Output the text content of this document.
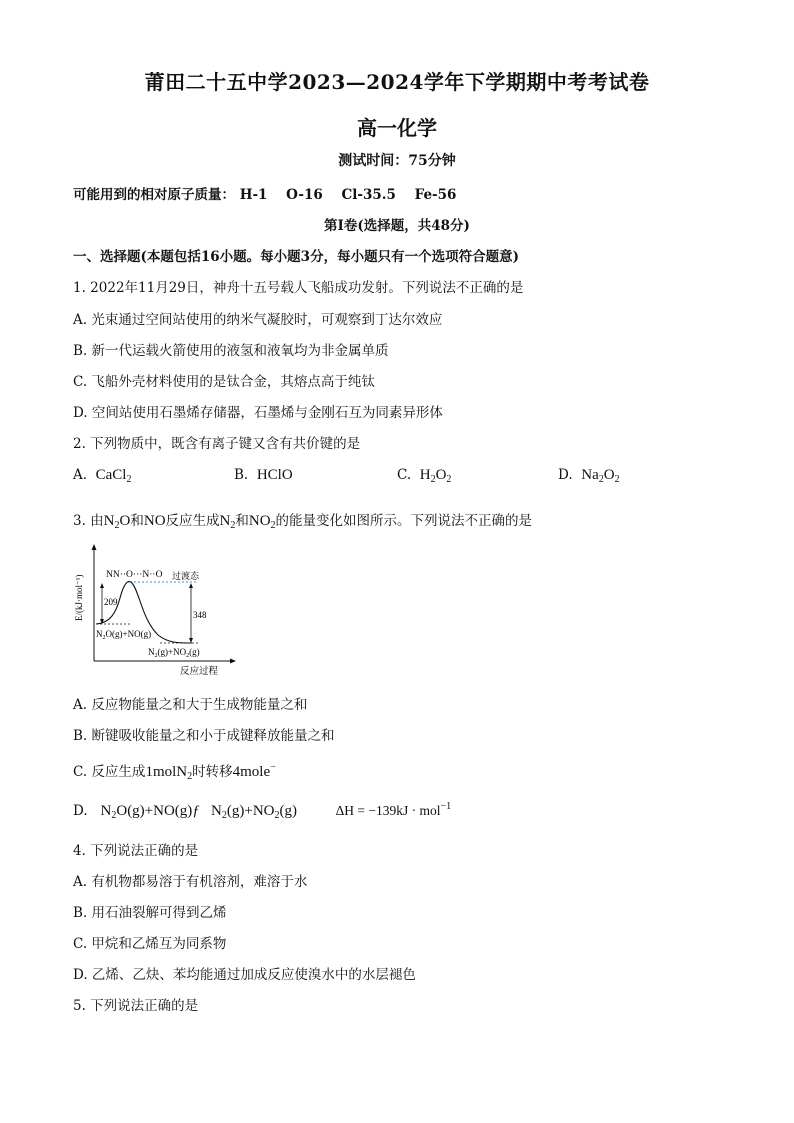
莆田二十五中学2023—2024学年下学期期中考考试卷
高一化学
测试时间：75分钟
可能用到的相对原子质量： H-1 O-16 Cl-35.5 Fe-56
第Ⅰ卷(选择题，共48分)
一、选择题(本题包括16小题。每小题3分，每小题只有一个选项符合题意)
1. 2022年11月29日，神舟十五号载人飞船成功发射。下列说法不正确的是
A. 光束通过空间站使用的纳米气凝胶时，可观察到丁达尔效应
B. 新一代运载火箭使用的液氢和液氧均为非金属单质
C. 飞船外壳材料使用的是钛合金，其熔点高于纯钛
D. 空间站使用石墨烯存储器，石墨烯与金刚石互为同素异形体
2. 下列物质中，既含有离子键又含有共价键的是
A. CaCl$_2$	B. HClO	C. $H_2O_2$	D. $Na_2O_2$
3. 由$N_2O$和NO反应生成$N_2$和$NO_2$的能量变化如图所示。下列说法不正确的是
E/(kJ·mol⁻¹)
反应过程
209
348
NN··O···N··O 过渡态
$N_2O(g)+NO(g)$
$N_2(g)+NO_2(g)$
A. 反应物能量之和大于生成物能量之和
B. 断键吸收能量之和小于成键释放能量之和
C. 反应生成1molN$_2$时转移4mole−
D. $N_2O(g)+NO(g)ƒ$   $N_2(g)+NO_2(g)$	ΔH = −139kJ · mol$^{-1}$
4. 下列说法正确的是
A. 有机物都易溶于有机溶剂，难溶于水
B. 用石油裂解可得到乙烯
C. 甲烷和乙烯互为同系物
D. 乙烯、乙炔、苯均能通过加成反应使溴水中的水层褪色
5. 下列说法正确的是
